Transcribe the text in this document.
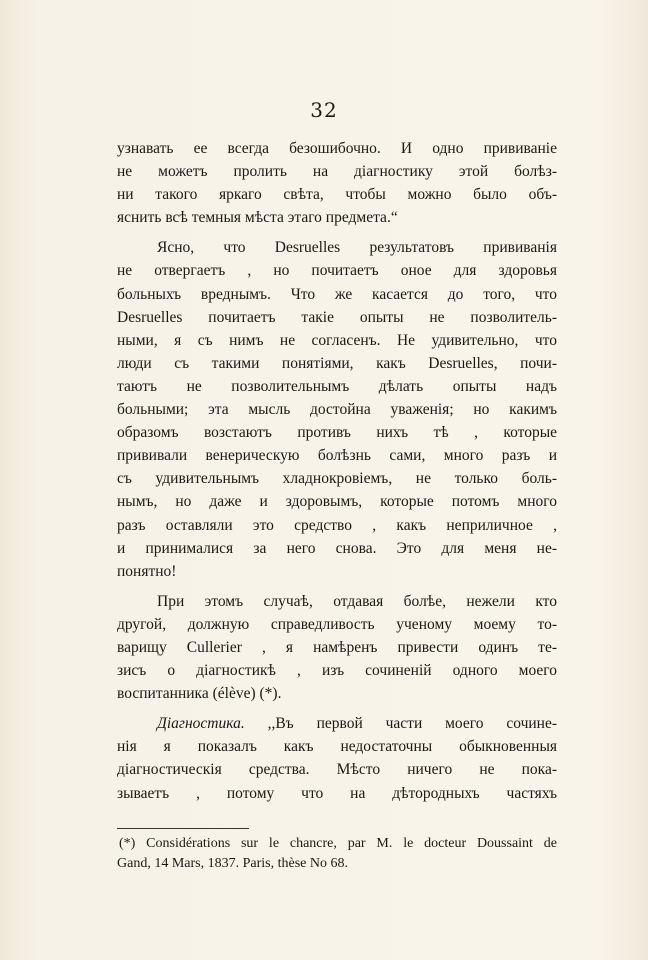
32
узнавать ее всегда безошибочно. И одно прививаніе
не можетъ пролить на діагностику этой болѣз-
ни такого яркаго свѣта, чтобы можно было объ-
яснить всѣ темныя мѣста этаго предмета.“
Ясно, что Desruelles результатовъ прививанія
не отвергаетъ , но почитаетъ оное для здоровья
больныхъ вреднымъ. Что же касается до того, что
Desruelles почитаетъ такіе опыты не позволитель-
ными, я съ нимъ не согласенъ. Не удивительно, что
люди съ такими понятіями, какъ Desruelles, почи-
таютъ не позволительнымъ дѣлать опыты надъ
больными; эта мысль достойна уваженія; но какимъ
образомъ возстаютъ противъ нихъ тѣ , которые
прививали венерическую болѣзнь сами, много разъ и
съ удивительнымъ хладнокровіемъ, не только боль-
нымъ, но даже и здоровымъ, которые потомъ много
разъ оставляли это средство , какъ неприличное ,
и принималися за него снова. Это для меня не-
понятно!
При этомъ случаѣ, отдавая болѣе, нежели кто
другой, должную справедливость ученому моему то-
варищу Cullerier , я намѣренъ привести одинъ те-
зисъ о діагностикѣ , изъ сочиненій одного моего
воспитанника (élève) (*).
Діагностика. ,,Въ первой части моего сочине-
нія я показалъ какъ недостаточны обыкновенныя
діагностическія средства. Мѣсто ничего не пока-
зываетъ , потому что на дѣтородныхъ частяхъ
(*) Considérations sur le chancre, par M. le docteur Doussaint de
Gand, 14 Mars, 1837. Paris, thèse No 68.
